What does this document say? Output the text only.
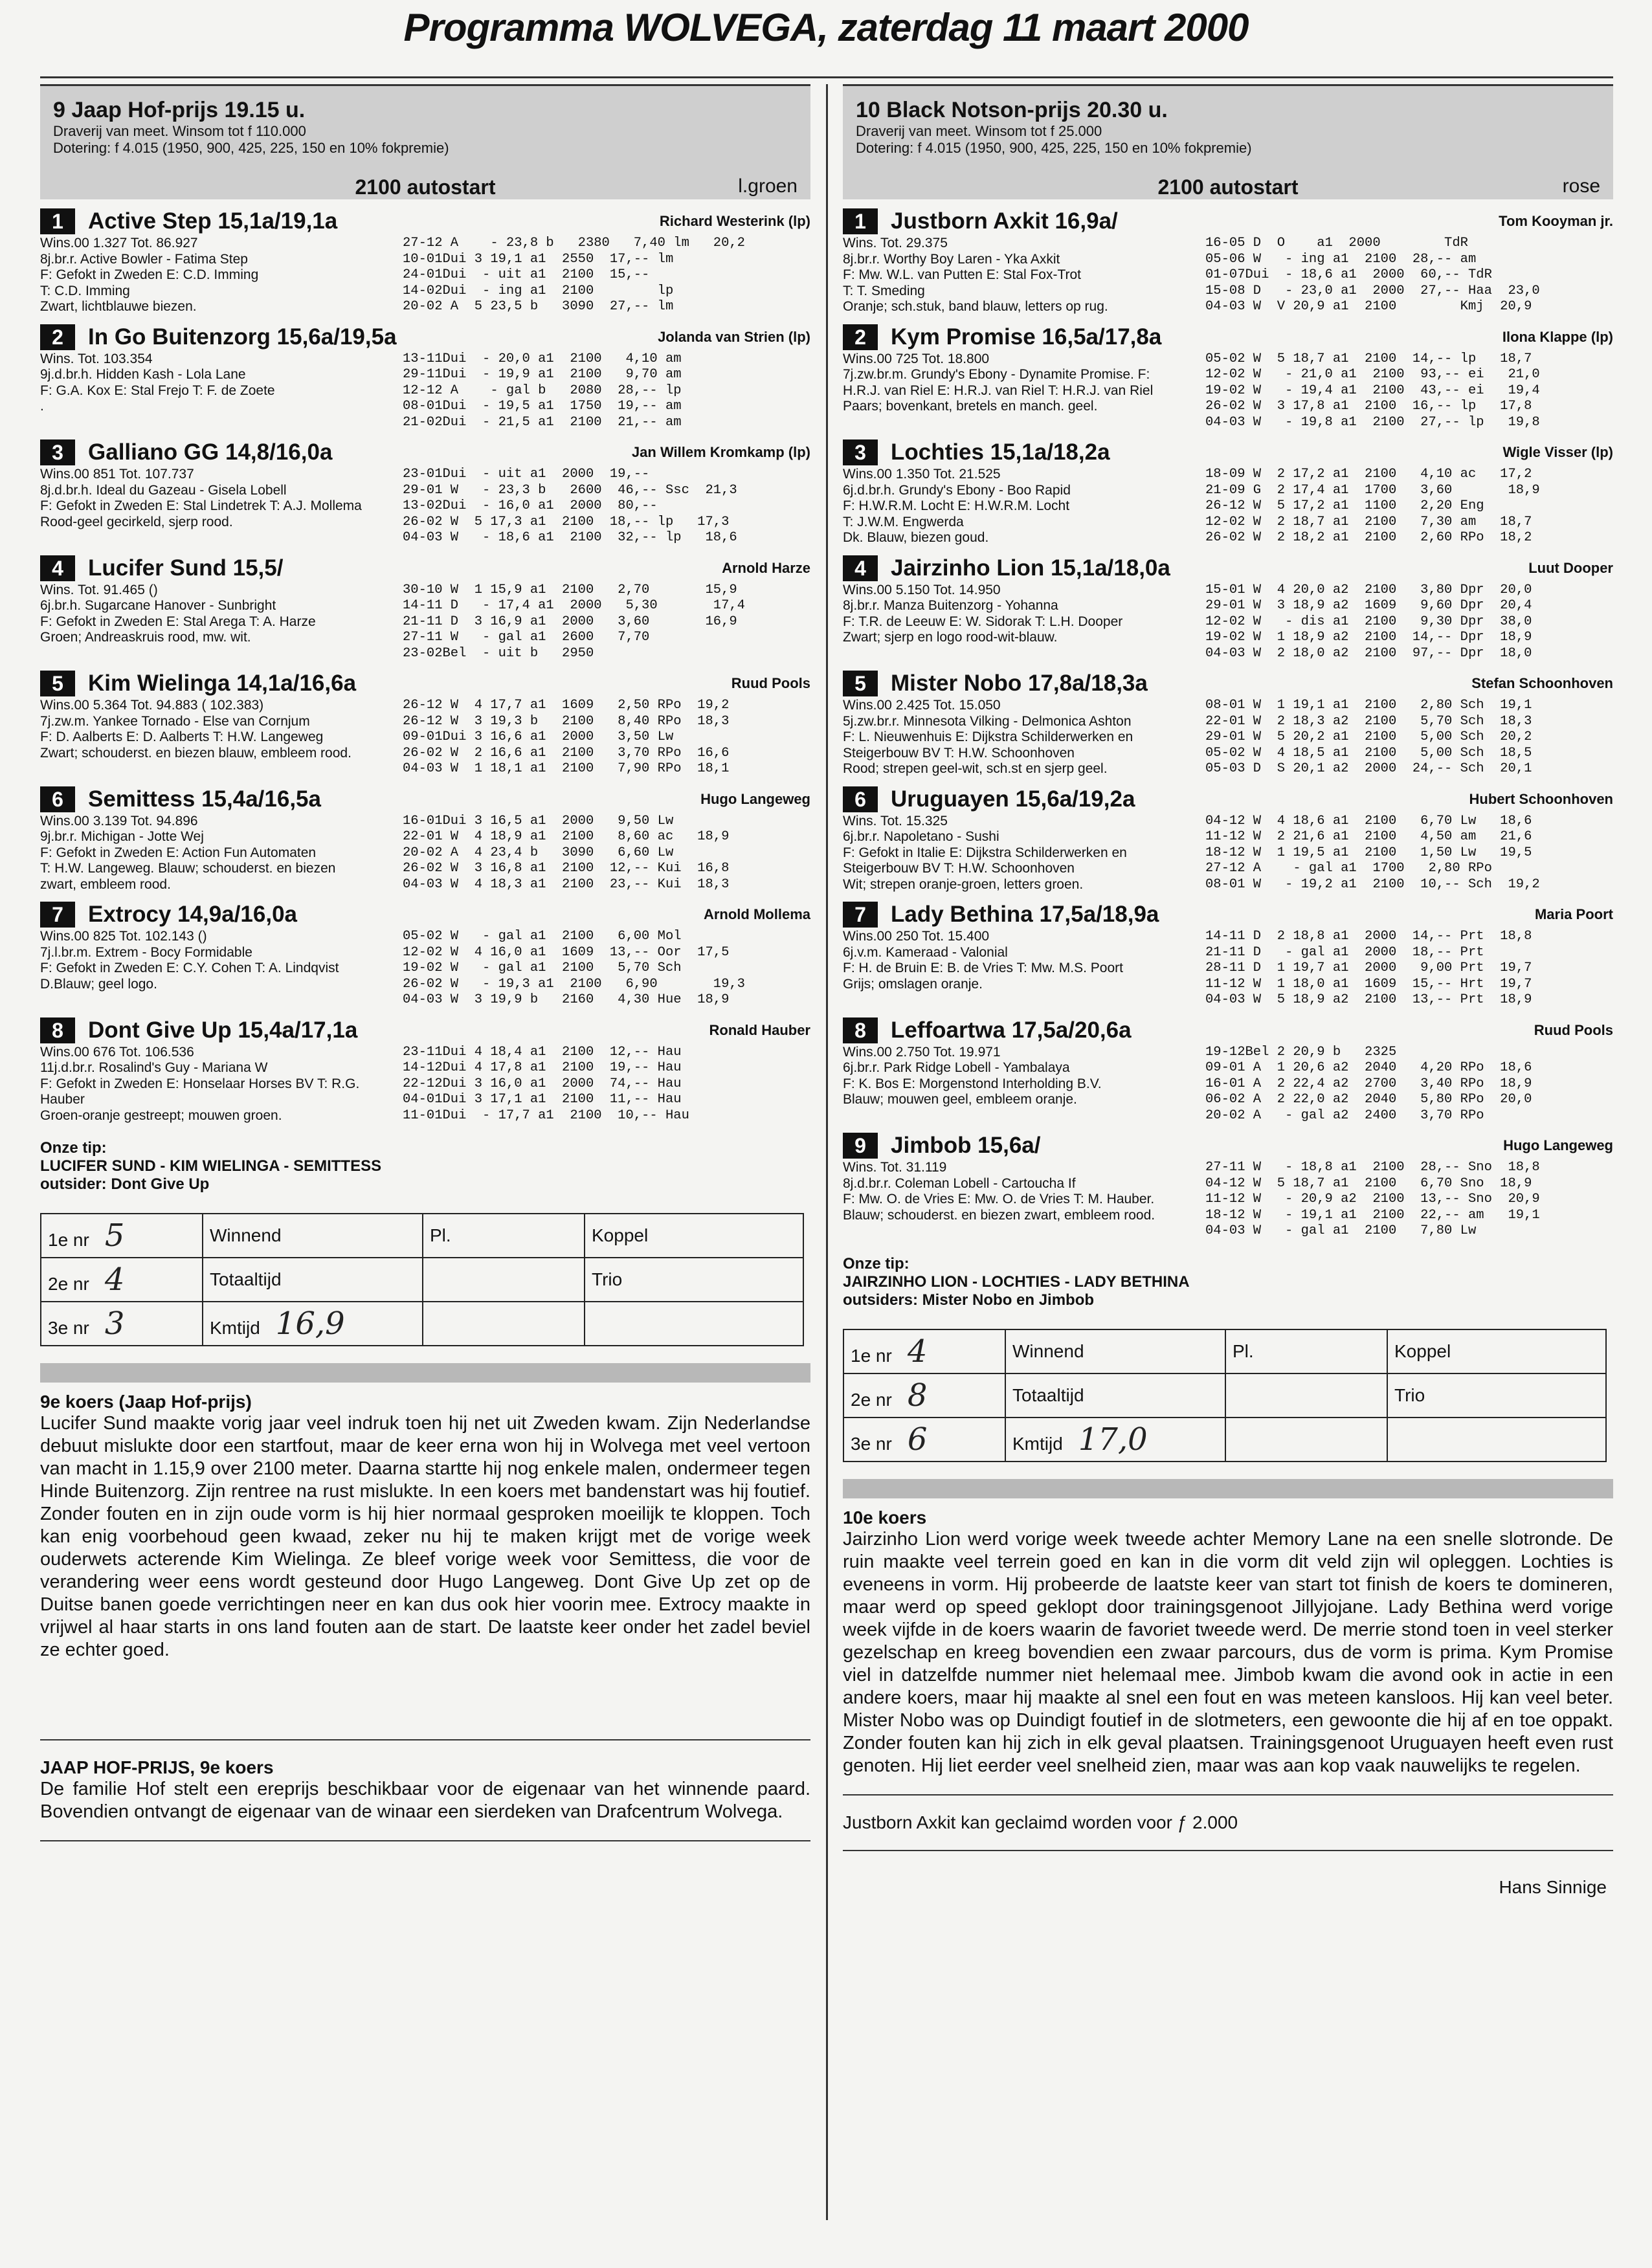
Programma WOLVEGA, zaterdag 11 maart 2000
9 Jaap Hof-prijs 19.15 u.
Draverij van meet. Winsom tot f 110.000
Dotering: f 4.015 (1950, 900, 425, 225, 150 en 10% fokpremie)
2100 autostart	l.groen
1	Active Step 15,1a/19,1a	Richard Westerink (lp)
Wins.00 1.327 Tot. 86.927
8j.br.r. Active Bowler - Fatima Step
F: Gefokt in Zweden E: C.D. Imming
T: C.D. Imming
Zwart, lichtblauwe biezen.
27-12 A    - 23,8 b   2380   7,40 lm   20,2
10-01Dui 3 19,1 a1  2550  17,-- lm
24-01Dui  - uit a1  2100  15,--
14-02Dui  - ing a1  2100        lp
20-02 A  5 23,5 b   3090  27,-- lm
2	In Go Buitenzorg 15,6a/19,5a	Jolanda van Strien (lp)
Wins. Tot. 103.354
9j.d.br.h. Hidden Kash - Lola Lane
F: G.A. Kox E: Stal Frejo T: F. de Zoete
.
13-11Dui  - 20,0 a1  2100   4,10 am
29-11Dui  - 19,9 a1  2100   9,70 am
12-12 A    - gal b   2080  28,-- lp
08-01Dui  - 19,5 a1  1750  19,-- am
21-02Dui  - 21,5 a1  2100  21,-- am
3	Galliano GG 14,8/16,0a	Jan Willem Kromkamp (lp)
Wins.00 851 Tot. 107.737
8j.d.br.h. Ideal du Gazeau - Gisela Lobell
F: Gefokt in Zweden E: Stal Lindetrek T: A.J. Mollema
Rood-geel gecirkeld, sjerp rood.
23-01Dui  - uit a1  2000  19,--
29-01 W   - 23,3 b   2600  46,-- Ssc  21,3
13-02Dui  - 16,0 a1  2000  80,--
26-02 W  5 17,3 a1  2100  18,-- lp   17,3
04-03 W   - 18,6 a1  2100  32,-- lp   18,6
4	Lucifer Sund 15,5/	Arnold Harze
Wins. Tot. 91.465 ()
6j.br.h. Sugarcane Hanover - Sunbright
F: Gefokt in Zweden E: Stal Arega T: A. Harze
Groen; Andreaskruis rood, mw. wit.
30-10 W  1 15,9 a1  2100   2,70       15,9
14-11 D   - 17,4 a1  2000   5,30       17,4
21-11 D  3 16,9 a1  2000   3,60       16,9
27-11 W   - gal a1  2600   7,70
23-02Bel  - uit b   2950
5	Kim Wielinga 14,1a/16,6a	Ruud Pools
Wins.00 5.364 Tot. 94.883 ( 102.383)
7j.zw.m. Yankee Tornado - Else van Cornjum
F: D. Aalberts E: D. Aalberts T: H.W. Langeweg
Zwart; schouderst. en biezen blauw, embleem rood.
26-12 W  4 17,7 a1  1609   2,50 RPo  19,2
26-12 W  3 19,3 b   2100   8,40 RPo  18,3
09-01Dui 3 16,6 a1  2000   3,50 Lw
26-02 W  2 16,6 a1  2100   3,70 RPo  16,6
04-03 W  1 18,1 a1  2100   7,90 RPo  18,1
6	Semittess 15,4a/16,5a	Hugo Langeweg
Wins.00 3.139 Tot. 94.896
9j.br.r. Michigan - Jotte Wej
F: Gefokt in Zweden E: Action Fun Automaten
T: H.W. Langeweg. Blauw; schouderst. en biezen
zwart, embleem rood.
16-01Dui 3 16,5 a1  2000   9,50 Lw
22-01 W  4 18,9 a1  2100   8,60 ac   18,9
20-02 A  4 23,4 b   3090   6,60 Lw
26-02 W  3 16,8 a1  2100  12,-- Kui  16,8
04-03 W  4 18,3 a1  2100  23,-- Kui  18,3
7	Extrocy 14,9a/16,0a	Arnold Mollema
Wins.00 825 Tot. 102.143 ()
7j.l.br.m. Extrem - Bocy Formidable
F: Gefokt in Zweden E: C.Y. Cohen T: A. Lindqvist
D.Blauw; geel logo.
05-02 W   - gal a1  2100   6,00 Mol
12-02 W  4 16,0 a1  1609  13,-- Oor  17,5
19-02 W   - gal a1  2100   5,70 Sch
26-02 W   - 19,3 a1  2100   6,90       19,3
04-03 W  3 19,9 b   2160   4,30 Hue  18,9
8	Dont Give Up 15,4a/17,1a	Ronald Hauber
Wins.00 676 Tot. 106.536
11j.d.br.r. Rosalind's Guy - Mariana W
F: Gefokt in Zweden E: Honselaar Horses BV T: R.G.
Hauber
Groen-oranje gestreept; mouwen groen.
23-11Dui 4 18,4 a1  2100  12,-- Hau
14-12Dui 4 17,8 a1  2100  19,-- Hau
22-12Dui 3 16,0 a1  2000  74,-- Hau
04-01Dui 3 17,1 a1  2100  11,-- Hau
11-01Dui  - 17,7 a1  2100  10,-- Hau
Onze tip:
LUCIFER SUND - KIM WIELINGA - SEMITTESS
outsider: Dont Give Up
1e nr 5	Winnend	Pl.	Koppel
2e nr 4	Totaaltijd		Trio
3e nr 3	Kmtijd 16,9		
9e koers (Jaap Hof-prijs)
Lucifer Sund maakte vorig jaar veel indruk toen hij net uit Zweden kwam. Zijn Nederlandse debuut mislukte door een startfout, maar de keer erna won hij in Wolvega met veel vertoon van macht in 1.15,9 over 2100 meter. Daarna startte hij nog enkele malen, ondermeer tegen Hinde Buitenzorg. Zijn rentree na rust mislukte. In een koers met bandenstart was hij foutief. Zonder fouten en in zijn oude vorm is hij hier normaal gesproken moeilijk te kloppen. Toch kan enig voorbehoud geen kwaad, zeker nu hij te maken krijgt met de vorige week ouderwets acterende Kim Wielinga. Ze bleef vorige week voor Semittess, die voor de verandering weer eens wordt gesteund door Hugo Langeweg. Dont Give Up zet op de Duitse banen goede verrichtingen neer en kan dus ook hier voorin mee. Extrocy maakte in vrijwel al haar starts in ons land fouten aan de start. De laatste keer onder het zadel beviel ze echter goed.
JAAP HOF-PRIJS, 9e koers
De familie Hof stelt een ereprijs beschikbaar voor de eigenaar van het winnende paard. Bovendien ontvangt de eigenaar van de winaar een sierdeken van Drafcentrum Wolvega.
10 Black Notson-prijs 20.30 u.
Draverij van meet. Winsom tot f 25.000
Dotering: f 4.015 (1950, 900, 425, 225, 150 en 10% fokpremie)
2100 autostart	rose
1	Justborn Axkit 16,9a/	Tom Kooyman jr.
Wins. Tot. 29.375
8j.br.r. Worthy Boy Laren - Yka Axkit
F: Mw. W.L. van Putten E: Stal Fox-Trot
T: T. Smeding
Oranje; sch.stuk, band blauw, letters op rug.
16-05 D  O    a1  2000        TdR
05-06 W   - ing a1  2100  28,-- am
01-07Dui  - 18,6 a1  2000  60,-- TdR
15-08 D   - 23,0 a1  2000  27,-- Haa  23,0
04-03 W  V 20,9 a1  2100        Kmj  20,9
2	Kym Promise 16,5a/17,8a	Ilona Klappe (lp)
Wins.00 725 Tot. 18.800
7j.zw.br.m. Grundy's Ebony - Dynamite Promise. F:
H.R.J. van Riel E: H.R.J. van Riel T: H.R.J. van Riel
Paars; bovenkant, bretels en manch. geel.
05-02 W  5 18,7 a1  2100  14,-- lp   18,7
12-02 W   - 21,0 a1  2100  93,-- ei   21,0
19-02 W   - 19,4 a1  2100  43,-- ei   19,4
26-02 W  3 17,8 a1  2100  16,-- lp   17,8
04-03 W   - 19,8 a1  2100  27,-- lp   19,8
3	Lochties 15,1a/18,2a	Wigle Visser (lp)
Wins.00 1.350 Tot. 21.525
6j.d.br.h. Grundy's Ebony - Boo Rapid
F: H.W.R.M. Locht E: H.W.R.M. Locht
T: J.W.M. Engwerda
Dk. Blauw, biezen goud.
18-09 W  2 17,2 a1  2100   4,10 ac   17,2
21-09 G  2 17,4 a1  1700   3,60       18,9
26-12 W  5 17,2 a1  1100   2,20 Eng
12-02 W  2 18,7 a1  2100   7,30 am   18,7
26-02 W  2 18,2 a1  2100   2,60 RPo  18,2
4	Jairzinho Lion 15,1a/18,0a	Luut Dooper
Wins.00 5.150 Tot. 14.950
8j.br.r. Manza Buitenzorg - Yohanna
F: T.R. de Leeuw E: W. Sidorak T: L.H. Dooper
Zwart; sjerp en logo rood-wit-blauw.
15-01 W  4 20,0 a2  2100   3,80 Dpr  20,0
29-01 W  3 18,9 a2  1609   9,60 Dpr  20,4
12-02 W   - dis a1  2100   9,30 Dpr  38,0
19-02 W  1 18,9 a2  2100  14,-- Dpr  18,9
04-03 W  2 18,0 a2  2100  97,-- Dpr  18,0
5	Mister Nobo 17,8a/18,3a	Stefan Schoonhoven
Wins.00 2.425 Tot. 15.050
5j.zw.br.r. Minnesota Vilking - Delmonica Ashton
F: L. Nieuwenhuis E: Dijkstra Schilderwerken en
Steigerbouw BV T: H.W. Schoonhoven
Rood; strepen geel-wit, sch.st en sjerp geel.
08-01 W  1 19,1 a1  2100   2,80 Sch  19,1
22-01 W  2 18,3 a2  2100   5,70 Sch  18,3
29-01 W  5 20,2 a1  2100   5,00 Sch  20,2
05-02 W  4 18,5 a1  2100   5,00 Sch  18,5
05-03 D  S 20,1 a2  2000  24,-- Sch  20,1
6	Uruguayen 15,6a/19,2a	Hubert Schoonhoven
Wins. Tot. 15.325
6j.br.r. Napoletano - Sushi
F: Gefokt in Italie E: Dijkstra Schilderwerken en
Steigerbouw BV T: H.W. Schoonhoven
Wit; strepen oranje-groen, letters groen.
04-12 W  4 18,6 a1  2100   6,70 Lw   18,6
11-12 W  2 21,6 a1  2100   4,50 am   21,6
18-12 W  1 19,5 a1  2100   1,50 Lw   19,5
27-12 A    - gal a1  1700   2,80 RPo
08-01 W   - 19,2 a1  2100  10,-- Sch  19,2
7	Lady Bethina 17,5a/18,9a	Maria Poort
Wins.00 250 Tot. 15.400
6j.v.m. Kameraad - Valonial
F: H. de Bruin E: B. de Vries T: Mw. M.S. Poort
Grijs; omslagen oranje.
14-11 D  2 18,8 a1  2000  14,-- Prt  18,8
21-11 D   - gal a1  2000  18,-- Prt
28-11 D  1 19,7 a1  2000   9,00 Prt  19,7
11-12 W  1 18,0 a1  1609  15,-- Hrt  19,7
04-03 W  5 18,9 a2  2100  13,-- Prt  18,9
8	Leffoartwa 17,5a/20,6a	Ruud Pools
Wins.00 2.750 Tot. 19.971
6j.br.r. Park Ridge Lobell - Yambalaya
F: K. Bos E: Morgenstond Interholding B.V.
Blauw; mouwen geel, embleem oranje.
19-12Bel 2 20,9 b   2325
09-01 A  1 20,6 a2  2040   4,20 RPo  18,6
16-01 A  2 22,4 a2  2700   3,40 RPo  18,9
06-02 A  2 22,0 a2  2040   5,80 RPo  20,0
20-02 A   - gal a2  2400   3,70 RPo
9	Jimbob 15,6a/	Hugo Langeweg
Wins. Tot. 31.119
8j.d.br.r. Coleman Lobell - Cartoucha If
F: Mw. O. de Vries E: Mw. O. de Vries T: M. Hauber.
Blauw; schouderst. en biezen zwart, embleem rood.
27-11 W   - 18,8 a1  2100  28,-- Sno  18,8
04-12 W  5 18,7 a1  2100   6,70 Sno  18,9
11-12 W   - 20,9 a2  2100  13,-- Sno  20,9
18-12 W   - 19,1 a1  2100  22,-- am   19,1
04-03 W   - gal a1  2100   7,80 Lw
Onze tip:
JAIRZINHO LION - LOCHTIES - LADY BETHINA
outsiders: Mister Nobo en Jimbob
1e nr 4	Winnend	Pl.	Koppel
2e nr 8	Totaaltijd		Trio
3e nr 6	Kmtijd 17,0		
10e koers
Jairzinho Lion werd vorige week tweede achter Memory Lane na een snelle slotronde. De ruin maakte veel terrein goed en kan in die vorm dit veld zijn wil opleggen. Lochties is eveneens in vorm. Hij probeerde de laatste keer van start tot finish de koers te domineren, maar werd op speed geklopt door trainingsgenoot Jillyjojane. Lady Bethina werd vorige week vijfde in de koers waarin de favoriet tweede werd. De merrie stond toen in veel sterker gezelschap en kreeg bovendien een zwaar parcours, dus de vorm is prima. Kym Promise viel in datzelfde nummer niet helemaal mee. Jimbob kwam die avond ook in actie in een andere koers, maar hij maakte al snel een fout en was meteen kansloos. Hij kan veel beter. Mister Nobo was op Duindigt foutief in de slotmeters, een gewoonte die hij af en toe oppakt. Zonder fouten kan hij zich in elk geval plaatsen. Trainingsgenoot Uruguayen heeft even rust genoten. Hij liet eerder veel snelheid zien, maar was aan kop vaak nauwelijks te regelen.
Justborn Axkit kan geclaimd worden voor ƒ 2.000
Hans Sinnige
